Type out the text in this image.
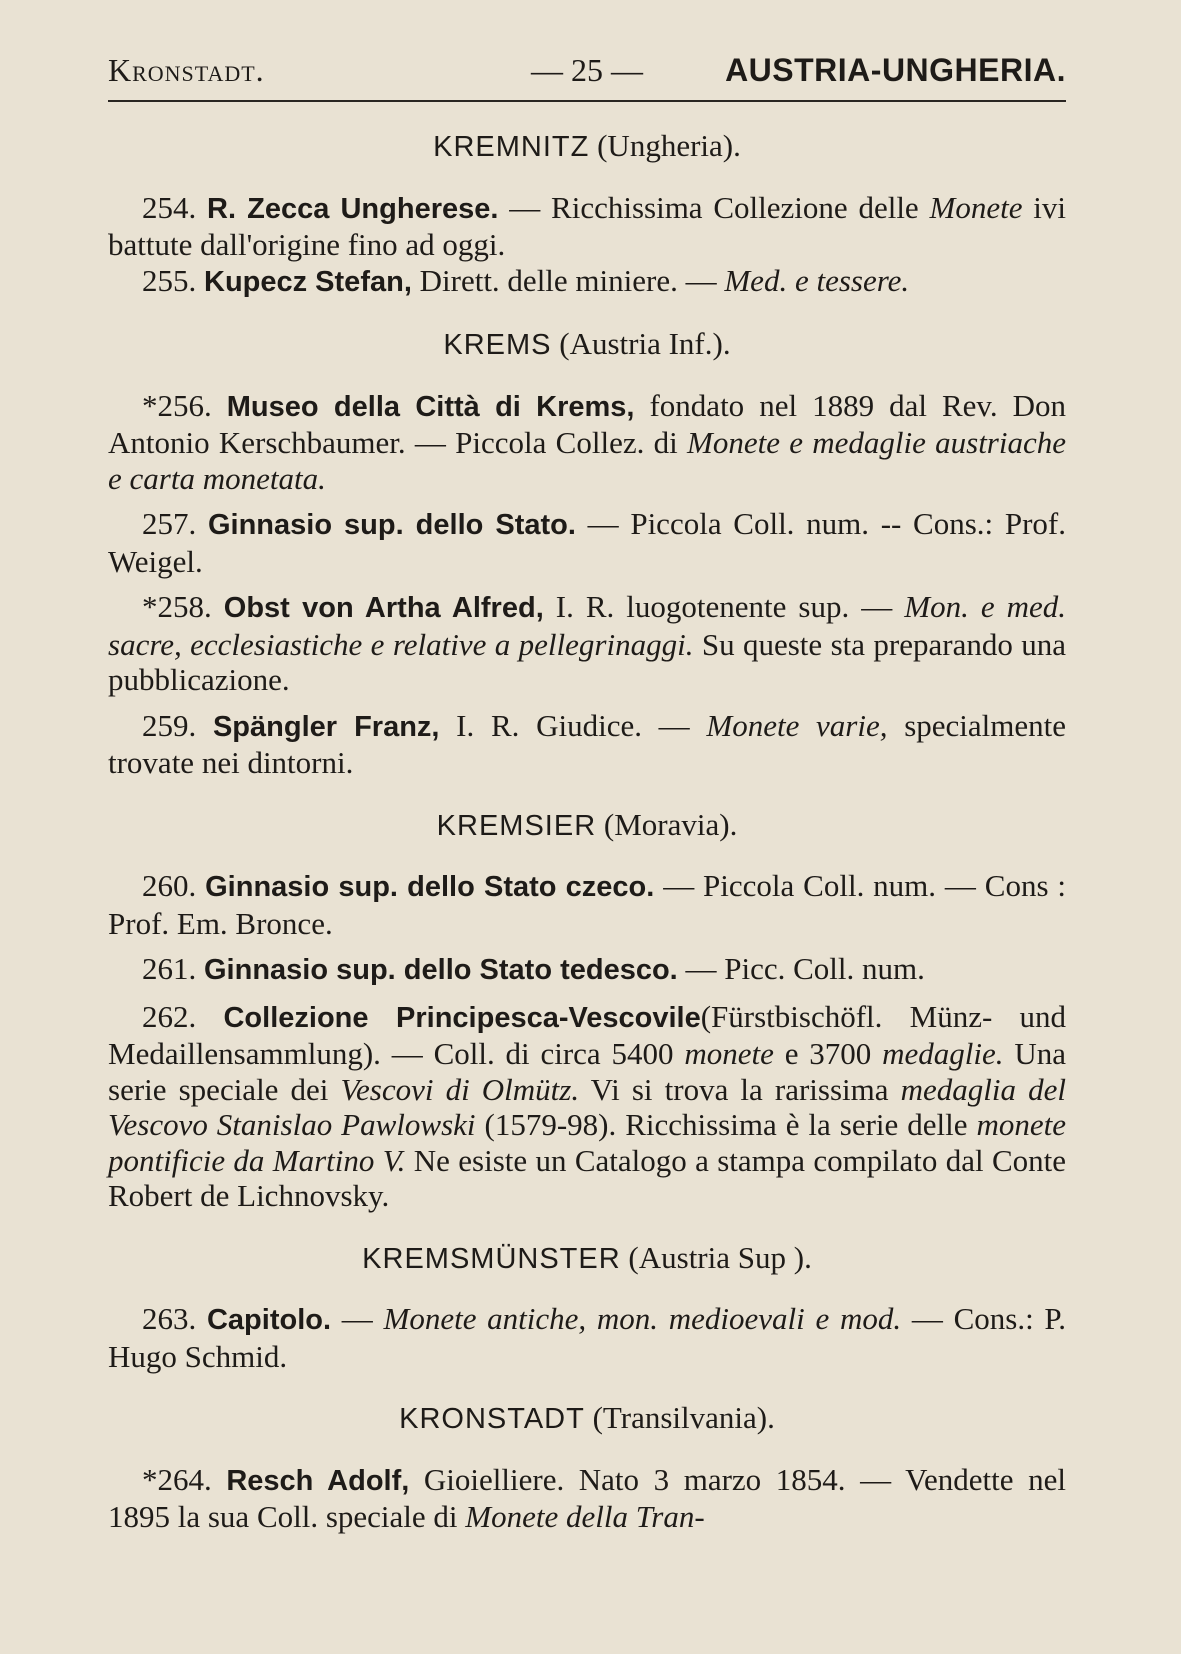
Kronstadt.	— 25 —	AUSTRIA-UNGHERIA.
KREMNITZ (Ungheria).

254. R. Zecca Ungherese. — Ricchissima Collezione delle Monete ivi battute dall'origine fino ad oggi.

255. Kupecz Stefan, Dirett. delle miniere. — Med. e tessere.

KREMS (Austria Inf.).

*256. Museo della Città di Krems, fondato nel 1889 dal Rev. Don Antonio Kerschbaumer. — Piccola Collez. di Monete e medaglie austriache e carta monetata.

257. Ginnasio sup. dello Stato. — Piccola Coll. num. -- Cons.: Prof. Weigel.

*258. Obst von Artha Alfred, I. R. luogotenente sup. — Mon. e med. sacre, ecclesiastiche e relative a pellegrinaggi. Su queste sta preparando una pubblicazione.

259. Spängler Franz, I. R. Giudice. — Monete varie, specialmente trovate nei dintorni.

KREMSIER (Moravia).

260. Ginnasio sup. dello Stato czeco. — Piccola Coll. num. — Cons : Prof. Em. Bronce.

261. Ginnasio sup. dello Stato tedesco. — Picc. Coll. num.

262. Collezione Principesca-Vescovile(Fürstbischöfl. Münz- und Medaillensammlung). — Coll. di circa 5400 monete e 3700 medaglie. Una serie speciale dei Vescovi di Olmütz. Vi si trova la rarissima medaglia del Vescovo Stanislao Pawlowski (1579-98). Ricchissima è la serie delle monete pontificie da Martino V. Ne esiste un Catalogo a stampa compilato dal Conte Robert de Lichnovsky.

KREMSMÜNSTER (Austria Sup ).

263. Capitolo. — Monete antiche, mon. medioevali e mod. — Cons.: P. Hugo Schmid.

KRONSTADT (Transilvania).

*264. Resch Adolf, Gioielliere. Nato 3 marzo 1854. — Vendette nel 1895 la sua Coll. speciale di Monete della Tran-
